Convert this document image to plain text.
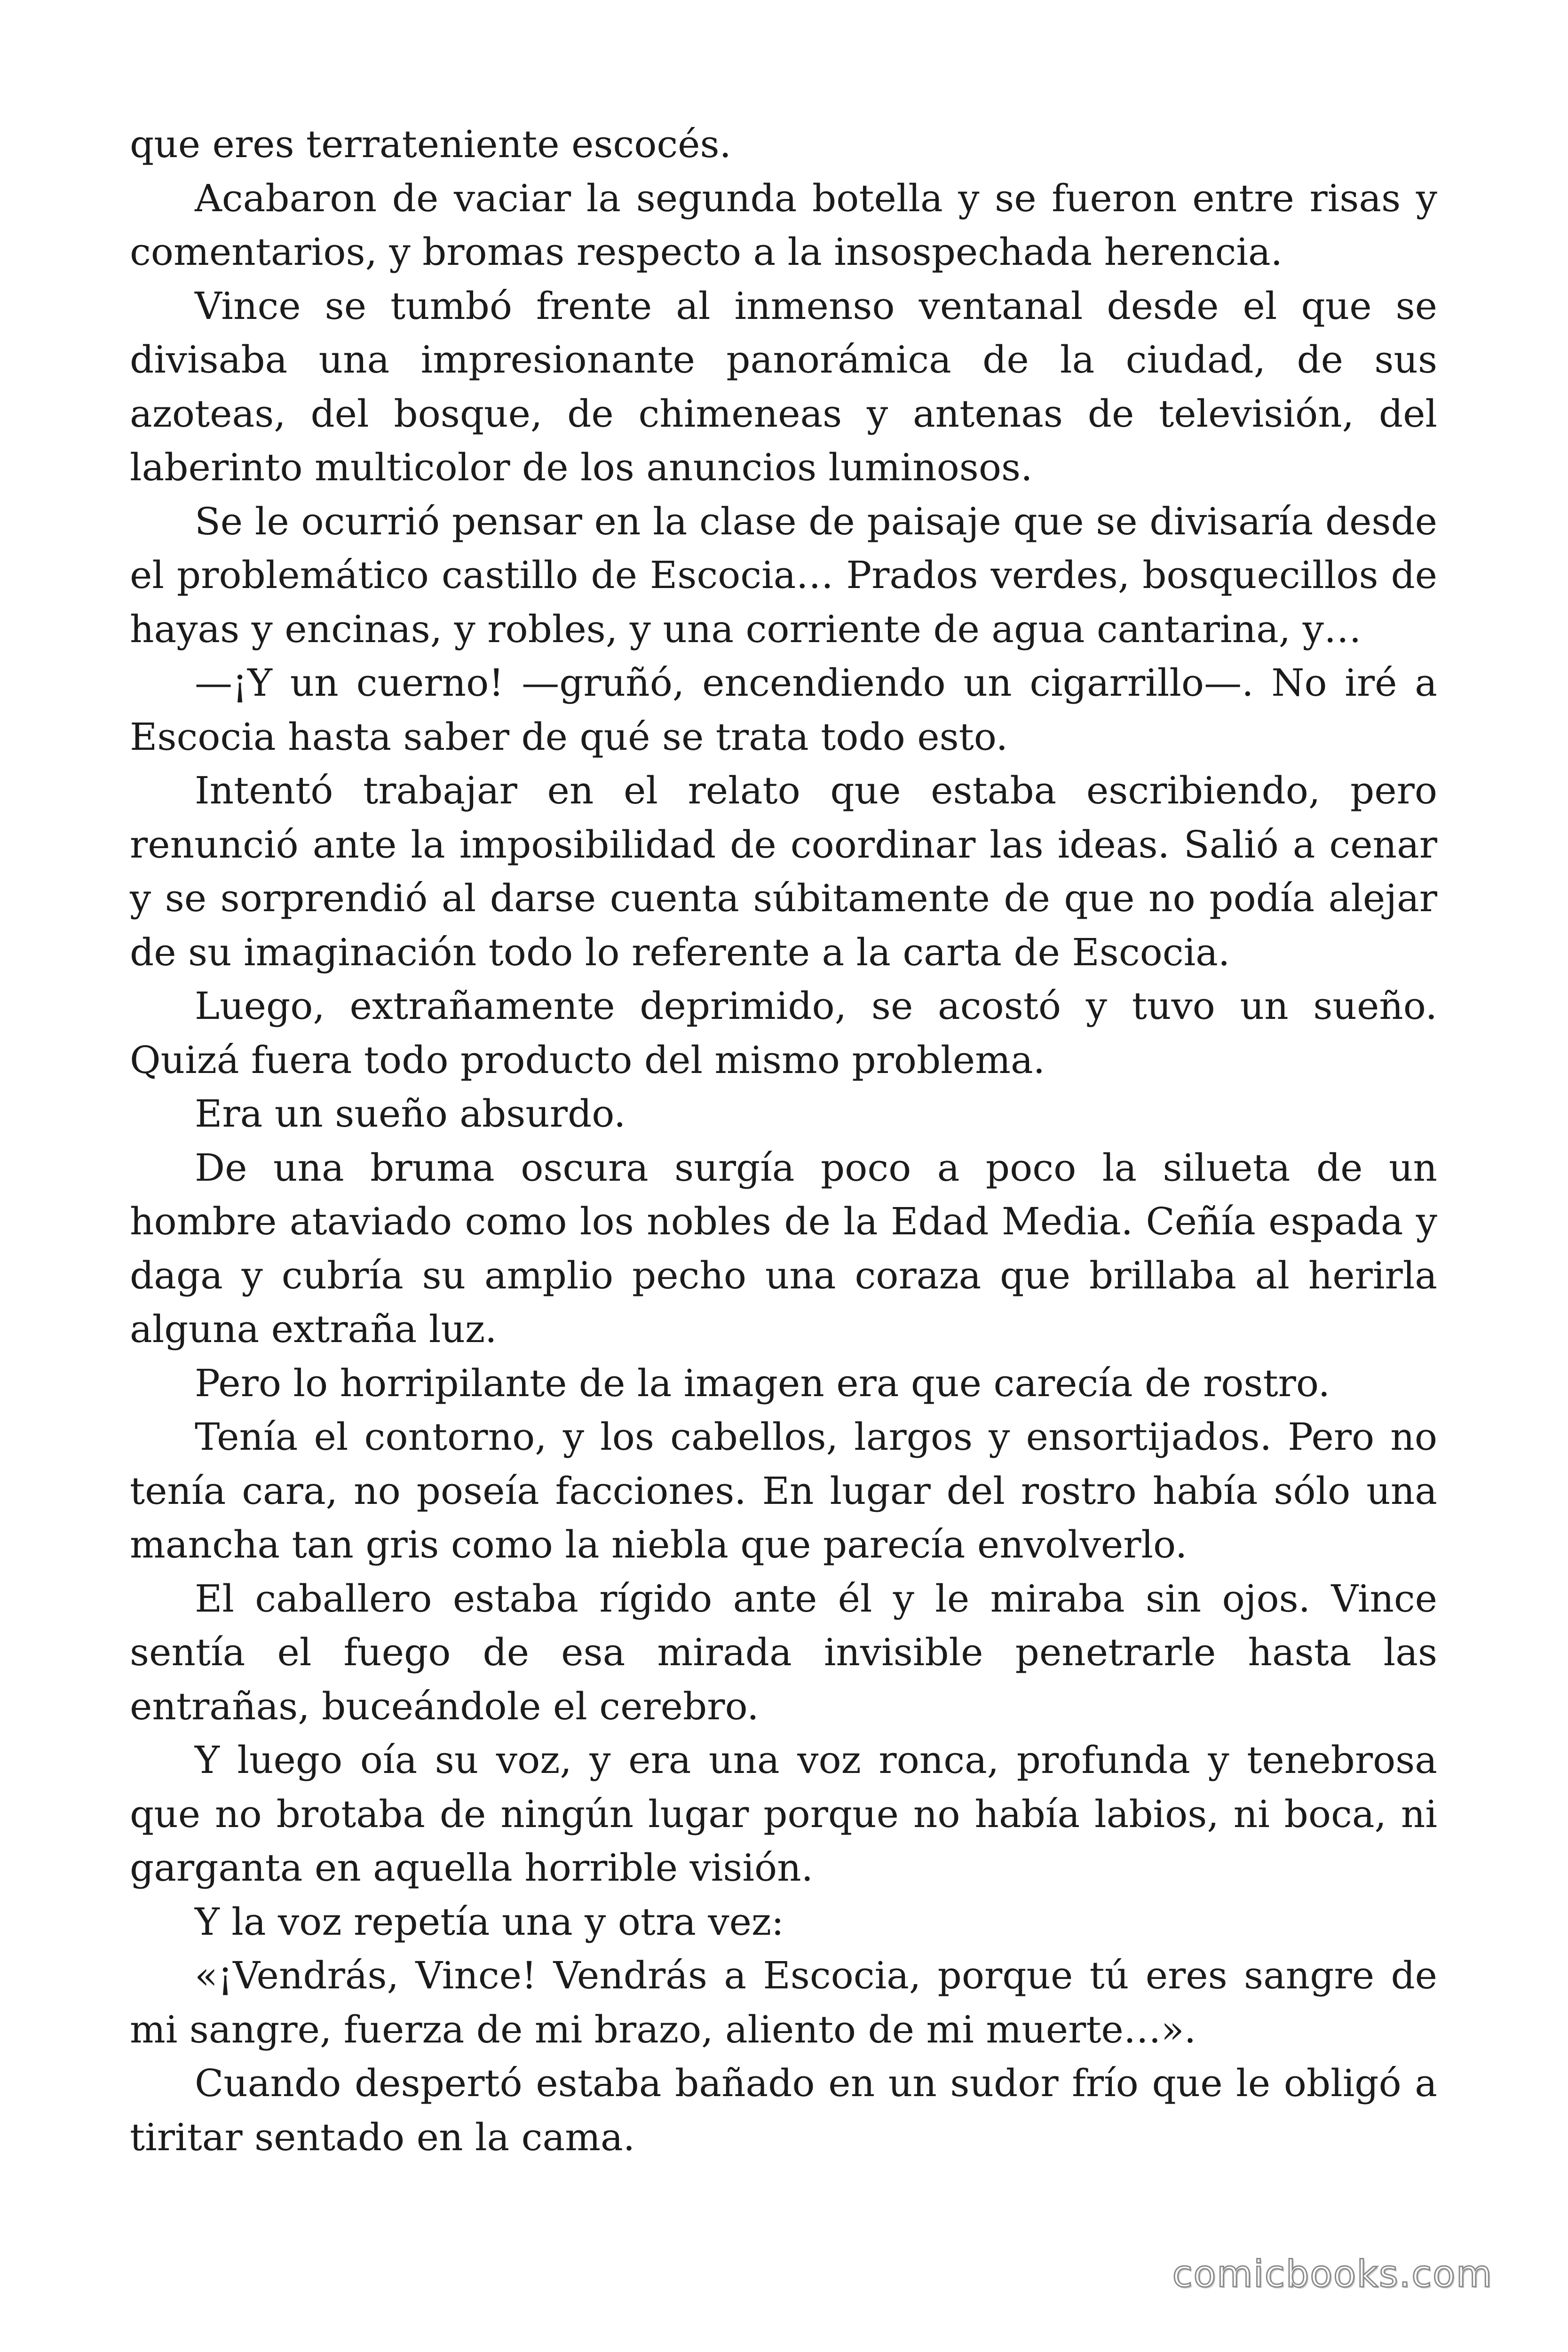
que eres terrateniente escocés.

Acabaron de vaciar la segunda botella y se fueron entre risas y comentarios, y bromas respecto a la insospechada herencia.

Vince se tumbó frente al inmenso ventanal desde el que se divisaba una impresionante panorámica de la ciudad, de sus azoteas, del bosque, de chimeneas y antenas de televisión, del laberinto multicolor de los anuncios luminosos.

Se le ocurrió pensar en la clase de paisaje que se divisaría desde el problemático castillo de Escocia… Prados verdes, bosquecillos de hayas y encinas, y robles, y una corriente de agua cantarina, y…

—¡Y un cuerno! —gruñó, encendiendo un cigarrillo—. No iré a Escocia hasta saber de qué se trata todo esto.

Intentó trabajar en el relato que estaba escribiendo, pero renunció ante la imposibilidad de coordinar las ideas. Salió a cenar y se sorprendió al darse cuenta súbitamente de que no podía alejar de su imaginación todo lo referente a la carta de Escocia.

Luego, extrañamente deprimido, se acostó y tuvo un sueño. Quizá fuera todo producto del mismo problema.

Era un sueño absurdo.

De una bruma oscura surgía poco a poco la silueta de un hombre ataviado como los nobles de la Edad Media. Ceñía espada y daga y cubría su amplio pecho una coraza que brillaba al herirla alguna extraña luz.

Pero lo horripilante de la imagen era que carecía de rostro.

Tenía el contorno, y los cabellos, largos y ensortijados. Pero no tenía cara, no poseía facciones. En lugar del rostro había sólo una mancha tan gris como la niebla que parecía envolverlo.

El caballero estaba rígido ante él y le miraba sin ojos. Vince sentía el fuego de esa mirada invisible penetrarle hasta las entrañas, buceándole el cerebro.

Y luego oía su voz, y era una voz ronca, profunda y tenebrosa que no brotaba de ningún lugar porque no había labios, ni boca, ni garganta en aquella horrible visión.

Y la voz repetía una y otra vez:

«¡Vendrás, Vince! Vendrás a Escocia, porque tú eres sangre de mi sangre, fuerza de mi brazo, aliento de mi muerte…».

Cuando despertó estaba bañado en un sudor frío que le obligó a tiritar sentado en la cama.

comicbooks.com
